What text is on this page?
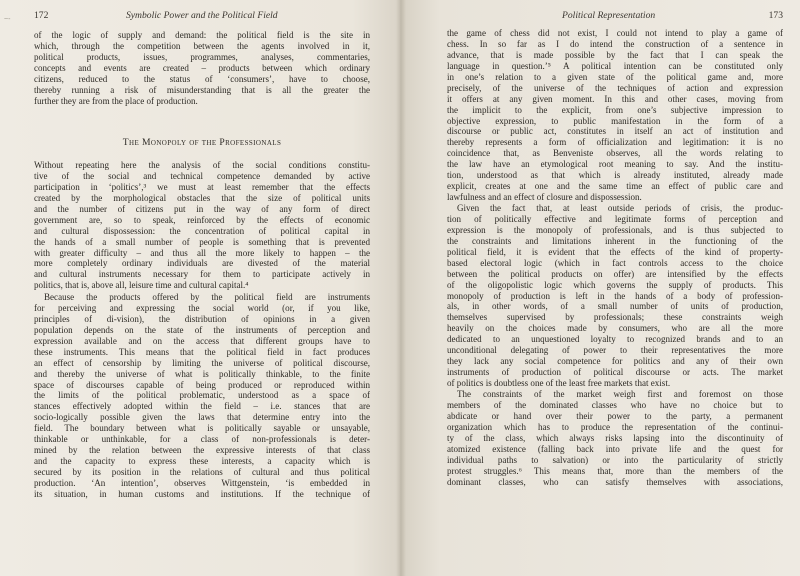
~- 172	Symbolic Power and the Political Field
of the logic of supply and demand: the political field is the site in
which, through the competition between the agents involved in it,
political products, issues, programmes, analyses, commentaries,
concepts and events are created – products between which ordinary
citizens, reduced to the status of ‘consumers’, have to choose,
thereby running a risk of misunderstanding that is all the greater the
further they are from the place of production.
The Monopoly of the Professionals
Without repeating here the analysis of the social conditions constitu-
tive of the social and technical competence demanded by active
participation in ‘politics’,³ we must at least remember that the effects
created by the morphological obstacles that the size of political units
and the number of citizens put in the way of any form of direct
government are, so to speak, reinforced by the effects of economic
and cultural dispossession: the concentration of political capital in
the hands of a small number of people is something that is prevented
with greater difficulty – and thus all the more likely to happen – the
more completely ordinary individuals are divested of the material
and cultural instruments necessary for them to participate actively in
politics, that is, above all, leisure time and cultural capital.⁴
Because the products offered by the political field are instruments
for perceiving and expressing the social world (or, if you like,
principles of di-vision), the distribution of opinions in a given
population depends on the state of the instruments of perception and
expression available and on the access that different groups have to
these instruments. This means that the political field in fact produces
an effect of censorship by limiting the universe of political discourse,
and thereby the universe of what is politically thinkable, to the finite
space of discourses capable of being produced or reproduced within
the limits of the political problematic, understood as a space of
stances effectively adopted within the field – i.e. stances that are
socio-logically possible given the laws that determine entry into the
field. The boundary between what is politically sayable or unsayable,
thinkable or unthinkable, for a class of non-professionals is deter-
mined by the relation between the expressive interests of that class
and the capacity to express these interests, a capacity which is
secured by its position in the relations of cultural and thus political
production. ‘An intention’, observes Wittgenstein, ‘is embedded in
its situation, in human customs and institutions. If the technique of
Political Representation	173
the game of chess did not exist, I could not intend to play a game of
chess. In so far as I do intend the construction of a sentence in
advance, that is made possible by the fact that I can speak the
language in question.’⁵ A political intention can be constituted only
in one’s relation to a given state of the political game and, more
precisely, of the universe of the techniques of action and expression
it offers at any given moment. In this and other cases, moving from
the implicit to the explicit, from one’s subjective impression to
objective expression, to public manifestation in the form of a
discourse or public act, constitutes in itself an act of institution and
thereby represents a form of officialization and legitimation: it is no
coincidence that, as Benveniste observes, all the words relating to
the law have an etymological root meaning to say. And the institu-
tion, understood as that which is already instituted, already made
explicit, creates at one and the same time an effect of public care and
lawfulness and an effect of closure and dispossession.
Given the fact that, at least outside periods of crisis, the produc-
tion of politically effective and legitimate forms of perception and
expression is the monopoly of professionals, and is thus subjected to
the constraints and limitations inherent in the functioning of the
political field, it is evident that the effects of the kind of property-
based electoral logic (which in fact controls access to the choice
between the political products on offer) are intensified by the effects
of the oligopolistic logic which governs the supply of products. This
monopoly of production is left in the hands of a body of profession-
als, in other words, of a small number of units of production,
themselves supervised by professionals; these constraints weigh
heavily on the choices made by consumers, who are all the more
dedicated to an unquestioned loyalty to recognized brands and to an
unconditional delegating of power to their representatives the more
they lack any social competence for politics and any of their own
instruments of production of political discourse or acts. The market
of politics is doubtless one of the least free markets that exist.
The constraints of the market weigh first and foremost on those
members of the dominated classes who have no choice but to
abdicate or hand over their power to the party, a permanent
organization which has to produce the representation of the continui-
ty of the class, which always risks lapsing into the discontinuity of
atomized existence (falling back into private life and the quest for
individual paths to salvation) or into the particularity of strictly
protest struggles.⁶ This means that, more than the members of the
dominant classes, who can satisfy themselves with associations,
